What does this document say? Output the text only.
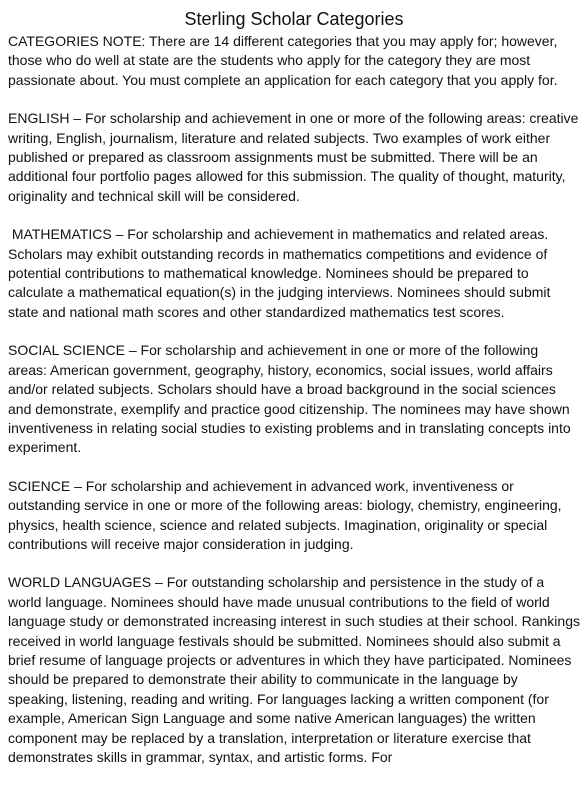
Sterling Scholar Categories

CATEGORIES NOTE: There are 14 different categories that you may apply for; however, those who do well at state are the students who apply for the category they are most passionate about. You must complete an application for each category that you apply for.

ENGLISH – For scholarship and achievement in one or more of the following areas: creative writing, English, journalism, literature and related subjects. Two examples of work either published or prepared as classroom assignments must be submitted. There will be an additional four portfolio pages allowed for this submission. The quality of thought, maturity, originality and technical skill will be considered.

MATHEMATICS – For scholarship and achievement in mathematics and related areas. Scholars may exhibit outstanding records in mathematics competitions and evidence of potential contributions to mathematical knowledge. Nominees should be prepared to calculate a mathematical equation(s) in the judging interviews. Nominees should submit state and national math scores and other standardized mathematics test scores.

SOCIAL SCIENCE – For scholarship and achievement in one or more of the following areas: American government, geography, history, economics, social issues, world affairs and/or related subjects. Scholars should have a broad background in the social sciences and demonstrate, exemplify and practice good citizenship. The nominees may have shown inventiveness in relating social studies to existing problems and in translating concepts into experiment.

SCIENCE – For scholarship and achievement in advanced work, inventiveness or outstanding service in one or more of the following areas: biology, chemistry, engineering, physics, health science, science and related subjects. Imagination, originality or special contributions will receive major consideration in judging.

WORLD LANGUAGES – For outstanding scholarship and persistence in the study of a world language. Nominees should have made unusual contributions to the field of world language study or demonstrated increasing interest in such studies at their school. Rankings received in world language festivals should be submitted. Nominees should also submit a brief resume of language projects or adventures in which they have participated. Nominees should be prepared to demonstrate their ability to communicate in the language by speaking, listening, reading and writing. For languages lacking a written component (for example, American Sign Language and some native American languages) the written component may be replaced by a translation, interpretation or literature exercise that demonstrates skills in grammar, syntax, and artistic forms. For
